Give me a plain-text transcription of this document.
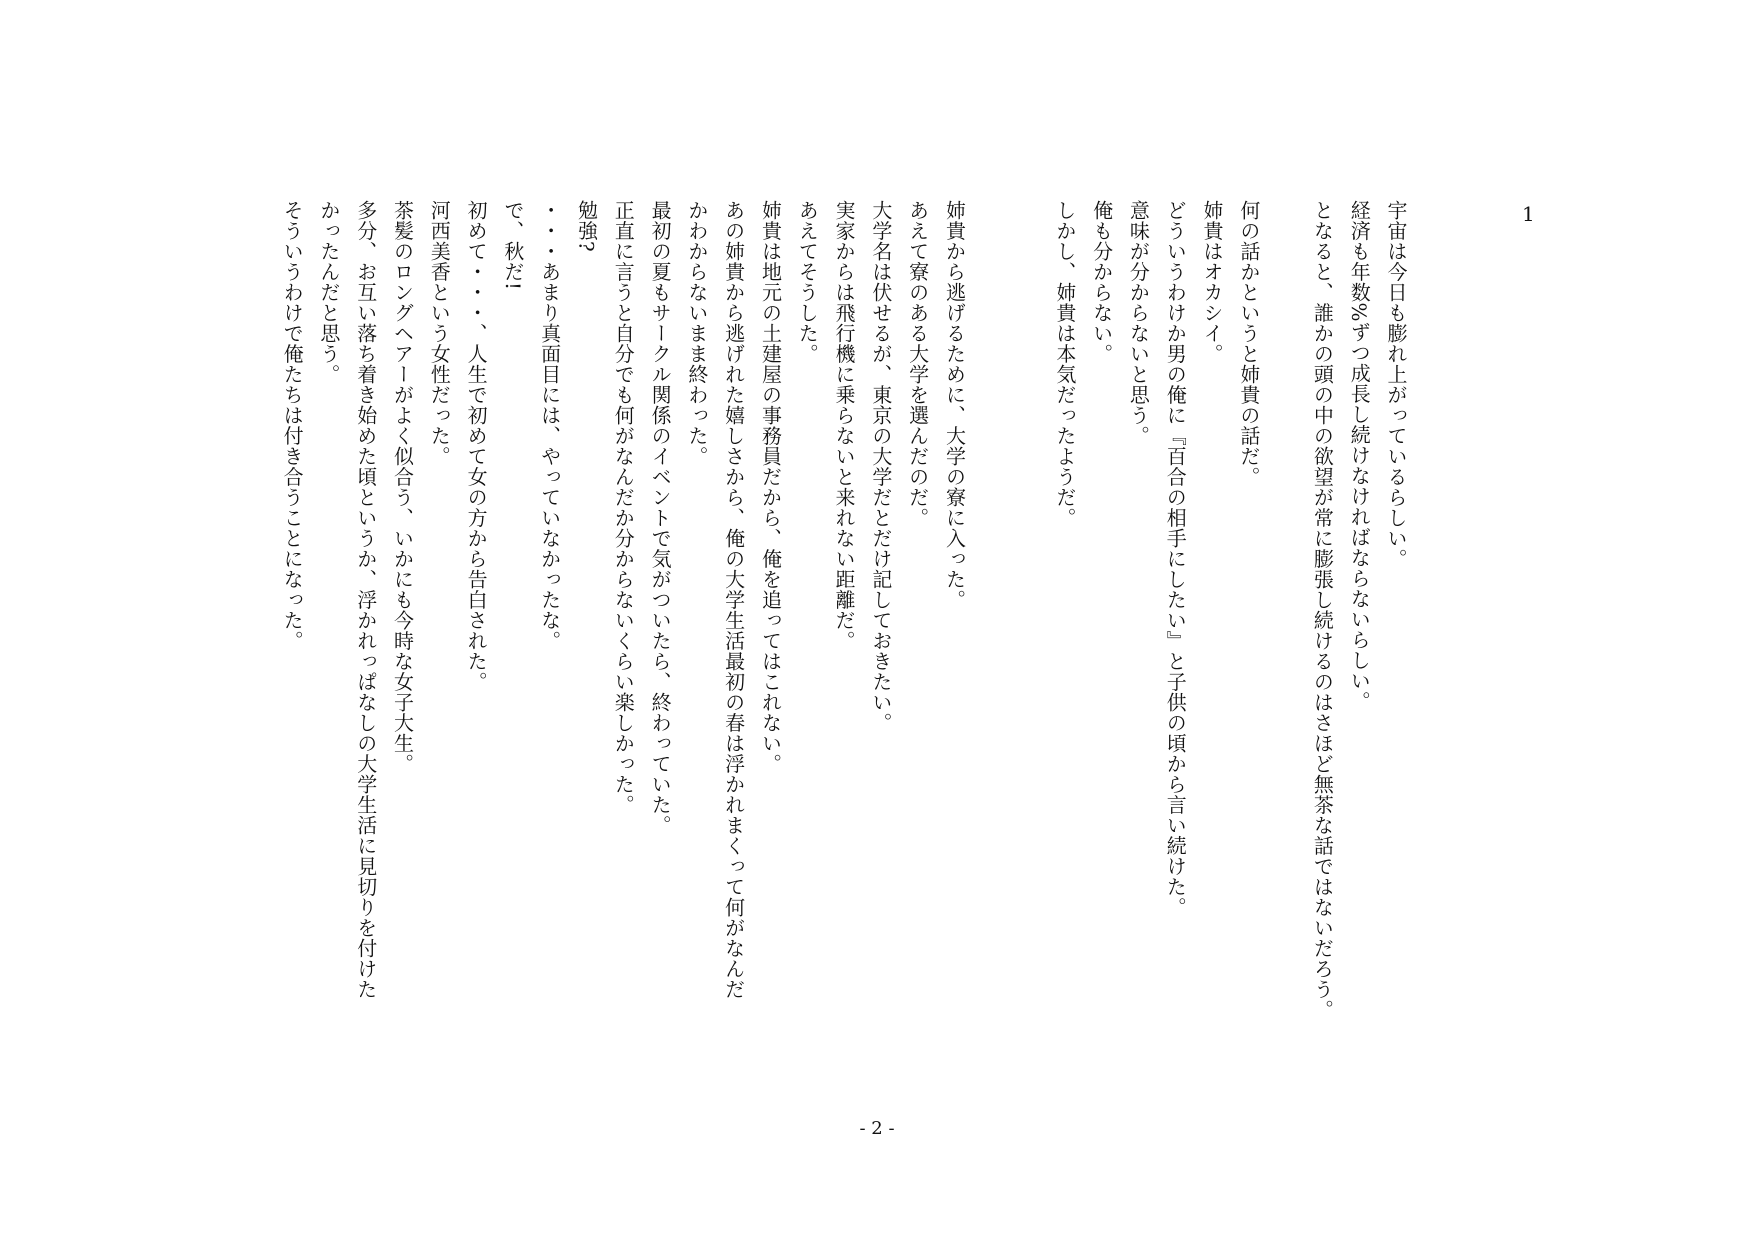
1
宇宙は今日も膨れ上がっているらしい。
経済も年数%ずつ成長し続けなければならないらしい。
となると、誰かの頭の中の欲望が常に膨張し続けるのはさほど無茶な話ではないだろう。

何の話かというと姉貴の話だ。
姉貴はオカシイ。
どういうわけか男の俺に『百合の相手にしたい』と子供の頃から言い続けた。
意味が分からないと思う。
俺も分からない。
しかし、姉貴は本気だったようだ。

姉貴から逃げるために、大学の寮に入った。
あえて寮のある大学を選んだのだ。
大学名は伏せるが、東京の大学だとだけ記しておきたい。
実家からは飛行機に乗らないと来れない距離だ。
あえてそうした。
姉貴は地元の土建屋の事務員だから、俺を追ってはこれない。
あの姉貴から逃げれた嬉しさから、俺の大学生活最初の春は浮かれまくって何がなんだ
かわからないまま終わった。
最初の夏もサークル関係のイベントで気がついたら、終わっていた。
正直に言うと自分でも何がなんだか分からないくらい楽しかった。
勉強?
・・・あまり真面目には、やっていなかったな。
で、秋だ!
初めて・・・、人生で初めて女の方から告白された。
河西美香という女性だった。
茶髪のロングヘアーがよく似合う、いかにも今時な女子大生。
多分、お互い落ち着き始めた頃というか、浮かれっぱなしの大学生活に見切りを付けた
かったんだと思う。
そういうわけで俺たちは付き合うことになった。
- 2 -
